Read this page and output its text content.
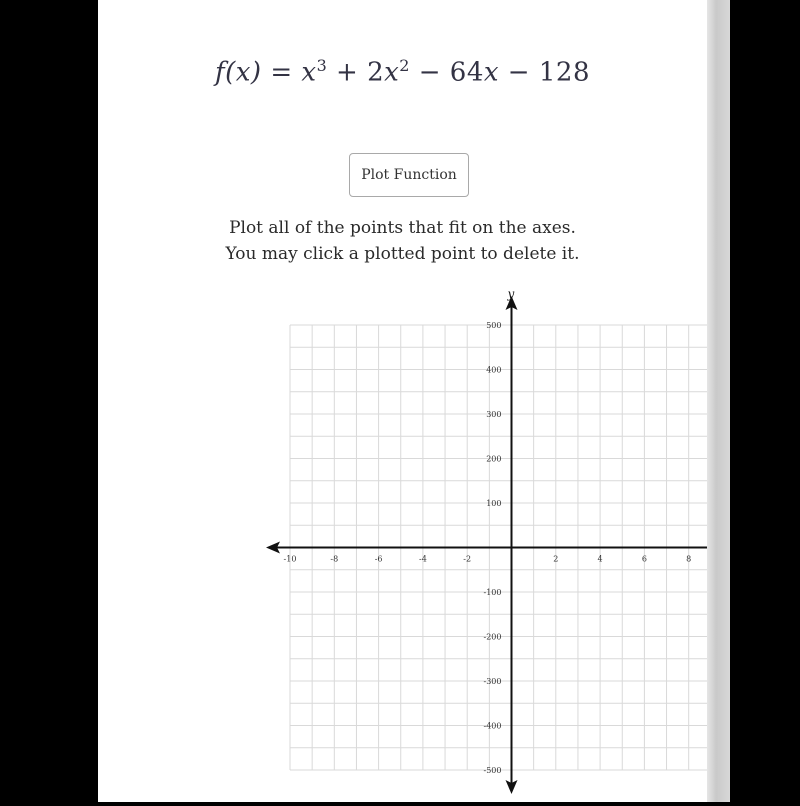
$f(x) = x^3 + 2x^2 - 64x - 128$
Plot Function
Plot all of the points that fit on the axes.
You may click a plotted point to delete it.
y
-10	-8	-6	-4	-2	2	4	6	8
500
400
300
200
100
-100
-200
-300
-400
-500
